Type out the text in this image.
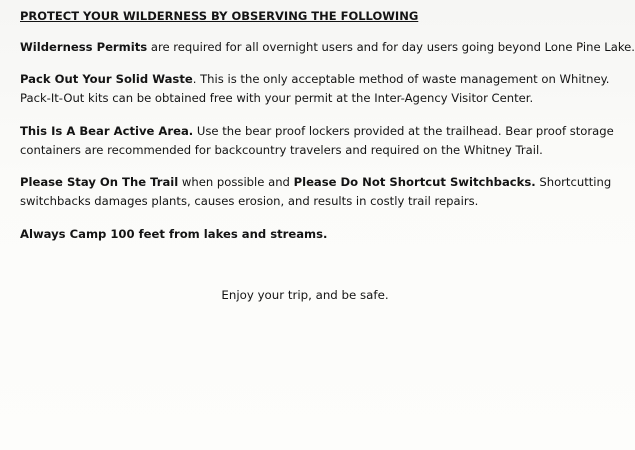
PROTECT YOUR WILDERNESS BY OBSERVING THE FOLLOWING

Wilderness Permits are required for all overnight users and for day users going beyond Lone Pine Lake.

Pack Out Your Solid Waste. This is the only acceptable method of waste management on Whitney.
Pack-It-Out kits can be obtained free with your permit at the Inter-Agency Visitor Center.

This Is A Bear Active Area. Use the bear proof lockers provided at the trailhead. Bear proof storage
containers are recommended for backcountry travelers and required on the Whitney Trail.

Please Stay On The Trail when possible and Please Do Not Shortcut Switchbacks. Shortcutting
switchbacks damages plants, causes erosion, and results in costly trail repairs.

Always Camp 100 feet from lakes and streams.

Enjoy your trip, and be safe.
